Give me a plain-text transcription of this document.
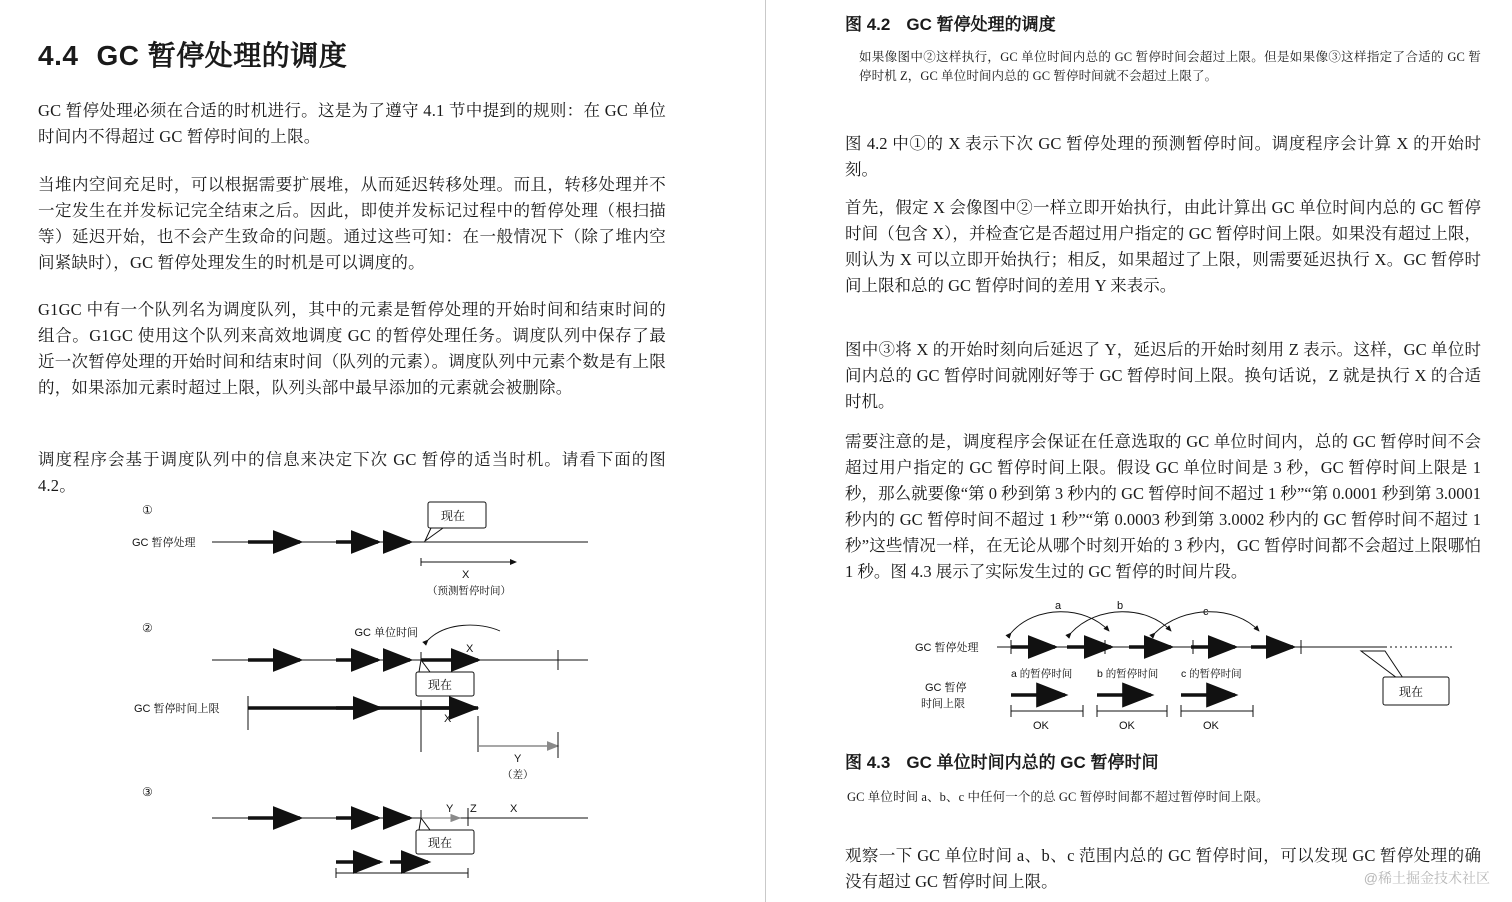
4.4 GC 暂停处理的调度

GC 暂停处理必须在合适的时机进行。这是为了遵守 4.1 节中提到的规则：在 GC 单位时间内不得超过 GC 暂停时间的上限。

当堆内空间充足时，可以根据需要扩展堆，从而延迟转移处理。而且，转移处理并不一定发生在并发标记完全结束之后。因此，即使并发标记过程中的暂停处理（根扫描等）延迟开始，也不会产生致命的问题。通过这些可知：在一般情况下（除了堆内空间紧缺时），GC 暂停处理发生的时机是可以调度的。

G1GC 中有一个队列名为调度队列，其中的元素是暂停处理的开始时间和结束时间的组合。G1GC 使用这个队列来高效地调度 GC 的暂停处理任务。调度队列中保存了最近一次暂停处理的开始时间和结束时间（队列的元素）。调度队列中元素个数是有上限的，如果添加元素时超过上限，队列头部中最早添加的元素就会被删除。

调度程序会基于调度队列中的信息来决定下次 GC 暂停的适当时机。请看下面的图 4.2。

①
GC 暂停处理
现在
X
（预测暂停时间）
②	GC 单位时间
X
现在
GC 暂停时间上限
X
Y
（差）
③
Y Z	X
现在
图 4.2 GC 暂停处理的调度

如果像图中②这样执行，GC 单位时间内总的 GC 暂停时间会超过上限。但是如果像③这样指定了合适的 GC 暂停时机 Z，GC 单位时间内总的 GC 暂停时间就不会超过上限了。

图 4.2 中①的 X 表示下次 GC 暂停处理的预测暂停时间。调度程序会计算 X 的开始时刻。

首先，假定 X 会像图中②一样立即开始执行，由此计算出 GC 单位时间内总的 GC 暂停时间（包含 X），并检查它是否超过用户指定的 GC 暂停时间上限。如果没有超过上限，则认为 X 可以立即开始执行；相反，如果超过了上限，则需要延迟执行 X。GC 暂停时间上限和总的 GC 暂停时间的差用 Y 来表示。

图中③将 X 的开始时刻向后延迟了 Y，延迟后的开始时刻用 Z 表示。这样，GC 单位时间内总的 GC 暂停时间就刚好等于 GC 暂停时间上限。换句话说，Z 就是执行 X 的合适时机。

需要注意的是，调度程序会保证在任意选取的 GC 单位时间内，总的 GC 暂停时间不会超过用户指定的 GC 暂停时间上限。假设 GC 单位时间是 3 秒，GC 暂停时间上限是 1 秒，那么就要像“第 0 秒到第 3 秒内的 GC 暂停时间不超过 1 秒”“第 0.0001 秒到第 3.0001 秒内的 GC 暂停时间不超过 1 秒”“第 0.0003 秒到第 3.0002 秒内的 GC 暂停时间不超过 1 秒”这些情况一样，在无论从哪个时刻开始的 3 秒内，GC 暂停时间都不会超过上限哪怕 1 秒。图 4.3 展示了实际发生过的 GC 暂停的时间片段。

GC 暂停处理
a	b	c
现在
GC 暂停
时间上限
a 的暂停时间 b 的暂停时间 c 的暂停时间
OK	OK	OK
图 4.3 GC 单位时间内总的 GC 暂停时间

GC 单位时间 a、b、c 中任何一个的总 GC 暂停时间都不超过暂停时间上限。

观察一下 GC 单位时间 a、b、c 范围内总的 GC 暂停时间，可以发现 GC 暂停处理的确没有超过 GC 暂停时间上限。	@稀土掘金技术社区
